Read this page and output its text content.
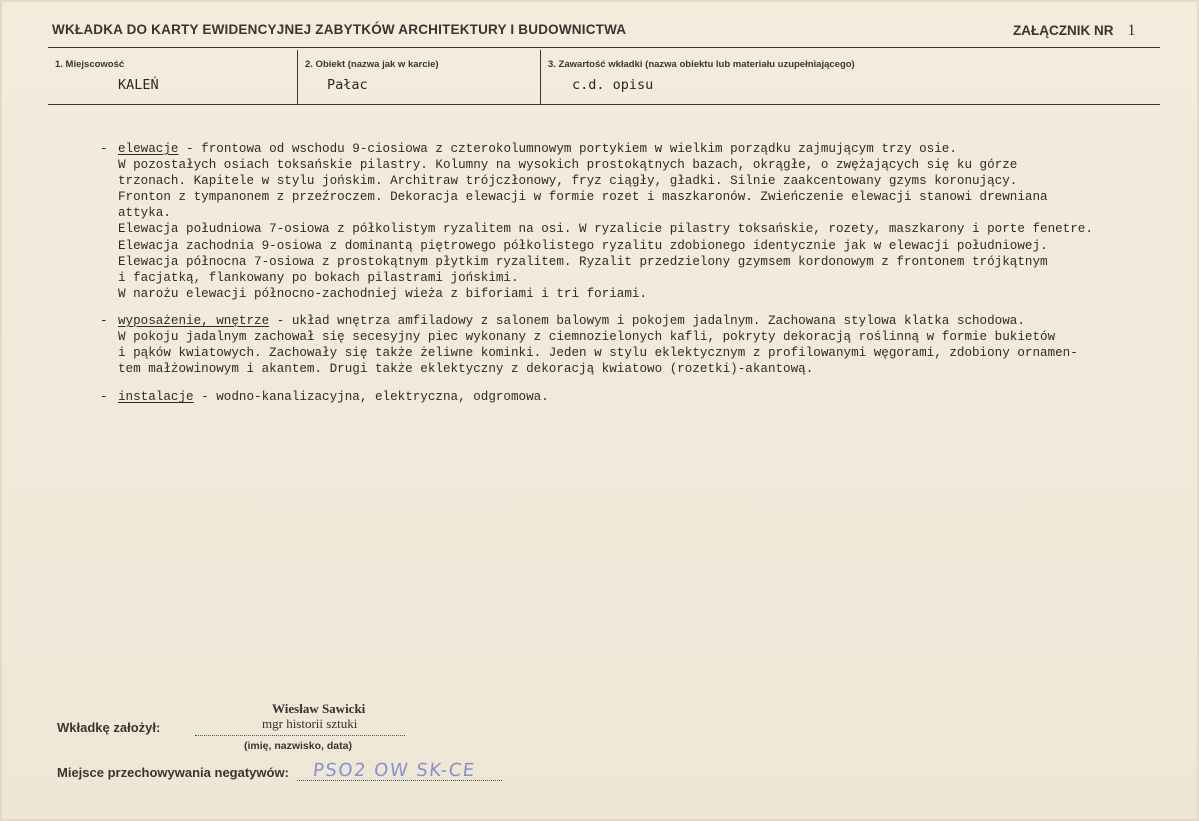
WKŁADKA DO KARTY EWIDENCYJNEJ ZABYTKÓW ARCHITEKTURY I BUDOWNICTWA	ZAŁĄCZNIK NR 1
1. Miejscowość
KALEŃ
2. Obiekt (nazwa jak w karcie)
Pałac
3. Zawartość wkładki (nazwa obiektu lub materiału uzupełniającego)
c.d. opisu
- elewacje - frontowa od wschodu 9-ciosiowa z czterokolumnowym portykiem w wielkim porządku zajmującym trzy osie.
W pozostałych osiach toksańskie pilastry. Kolumny na wysokich prostokątnych bazach, okrągłe, o zwężających się ku górze
trzonach. Kapitele w stylu jońskim. Architraw trójczłonowy, fryz ciągły, gładki. Silnie zaakcentowany gzyms koronujący.
Fronton z tympanonem z przeźroczem. Dekoracja elewacji w formie rozet i maszkaronów. Zwieńczenie elewacji stanowi drewniana
attyka.
Elewacja południowa 7-osiowa z półkolistym ryzalitem na osi. W ryzalicie pilastry toksańskie, rozety, maszkarony i porte fenetre.
Elewacja zachodnia 9-osiowa z dominantą piętrowego półkolistego ryzalitu zdobionego identycznie jak w elewacji południowej.
Elewacja północna 7-osiowa z prostokątnym płytkim ryzalitem. Ryzalit przedzielony gzymsem kordonowym z frontonem trójkątnym
i facjatką, flankowany po bokach pilastrami jońskimi.
W narożu elewacji północno-zachodniej wieża z biforiami i tri foriami.
- wyposażenie, wnętrze - układ wnętrza amfiladowy z salonem balowym i pokojem jadalnym. Zachowana stylowa klatka schodowa.
W pokoju jadalnym zachował się secesyjny piec wykonany z ciemnozielonych kafli, pokryty dekoracją roślinną w formie bukietów
i pąków kwiatowych. Zachowały się także żeliwne kominki. Jeden w stylu eklektycznym z profilowanymi węgorami, zdobiony ornamen-
tem małżowinowym i akantem. Drugi także eklektyczny z dekoracją kwiatowo (rozetki)-akantową.
- instalacje - wodno-kanalizacyjna, elektryczna, odgromowa.
Wiesław Sawicki
mgr historii sztuki
Wkładkę założył:
(imię, nazwisko, data)
Miejsce przechowywania negatywów: PSO2 OW SK-CE
